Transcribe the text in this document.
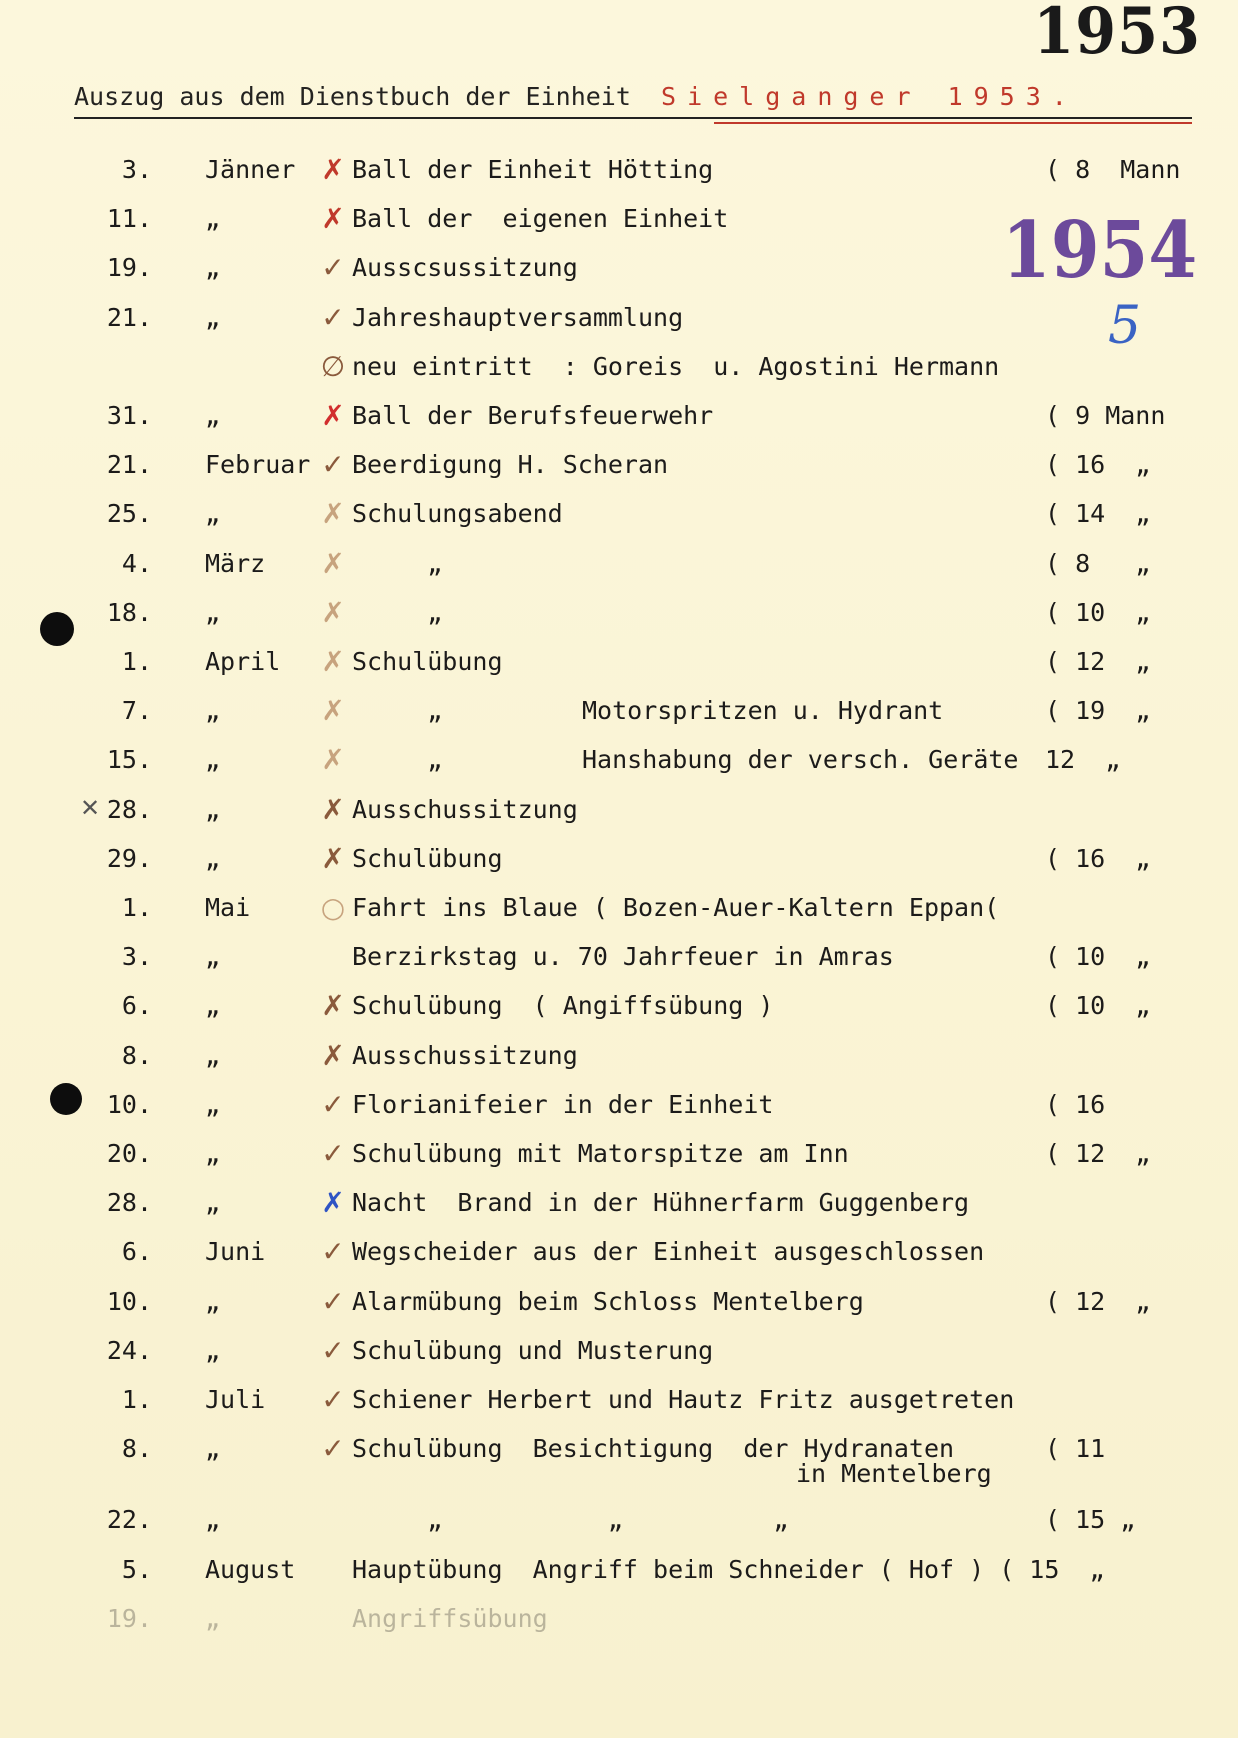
1953
Auszug aus dem Dienstbuch der Einheit Sielganger 1953.
1954
5
✕
3. Jänner ✗ Ball der Einheit Hötting	( 8  Mann
11. „	✗ Ball der  eigenen Einheit
19. „	✓ Ausscsussitzung
21. „	✓ Jahreshauptversammlung
∅ neu eintritt  : Goreis  u. Agostini Hermann
31. „	✗ Ball der Berufsfeuerwehr	( 9 Mann
21. Februar ✓ Beerdigung H. Scheran	( 16  „
25. „	✗ Schulungsabend	( 14  „
4. März ✗ „	( 8   „
18. „	✗ „	( 10  „
1. April ✗ Schulübung	( 12  „
7. „	✗ „	Motorspritzen u. Hydrant	( 19  „
15. „	✗ „	Hanshabung der versch. Geräte 12  „
28. „	✗ Ausschussitzung
29. „	✗ Schulübung	( 16  „
1. Mai	○ Fahrt ins Blaue ( Bozen-Auer-Kaltern Eppan(
3. „	Berzirkstag u. 70 Jahrfeuer in Amras	( 10  „
6. „	✗ Schulübung  ( Angiffsübung )	( 10  „
8. „	✗ Ausschussitzung
10. „	✓ Florianifeier in der Einheit	( 16
20. „	✓ Schulübung mit Matorspitze am Inn	( 12  „
28. „	✗ Nacht  Brand in der Hühnerfarm Guggenberg
6. Juni ✓ Wegscheider aus der Einheit ausgeschlossen
10. „	✓ Alarmübung beim Schloss Mentelberg	( 12  „
24. „	✓ Schulübung und Musterung
1. Juli ✓ Schiener Herbert und Hautz Fritz ausgetreten
8. „	✓ Schulübung  Besichtigung  der Hydranaten	( 11
in Mentelberg
22. „	„           „          „	( 15 „
5. August Hauptübung  Angriff beim Schneider ( Hof ) ( 15  „
19. „	Angriffsübung
